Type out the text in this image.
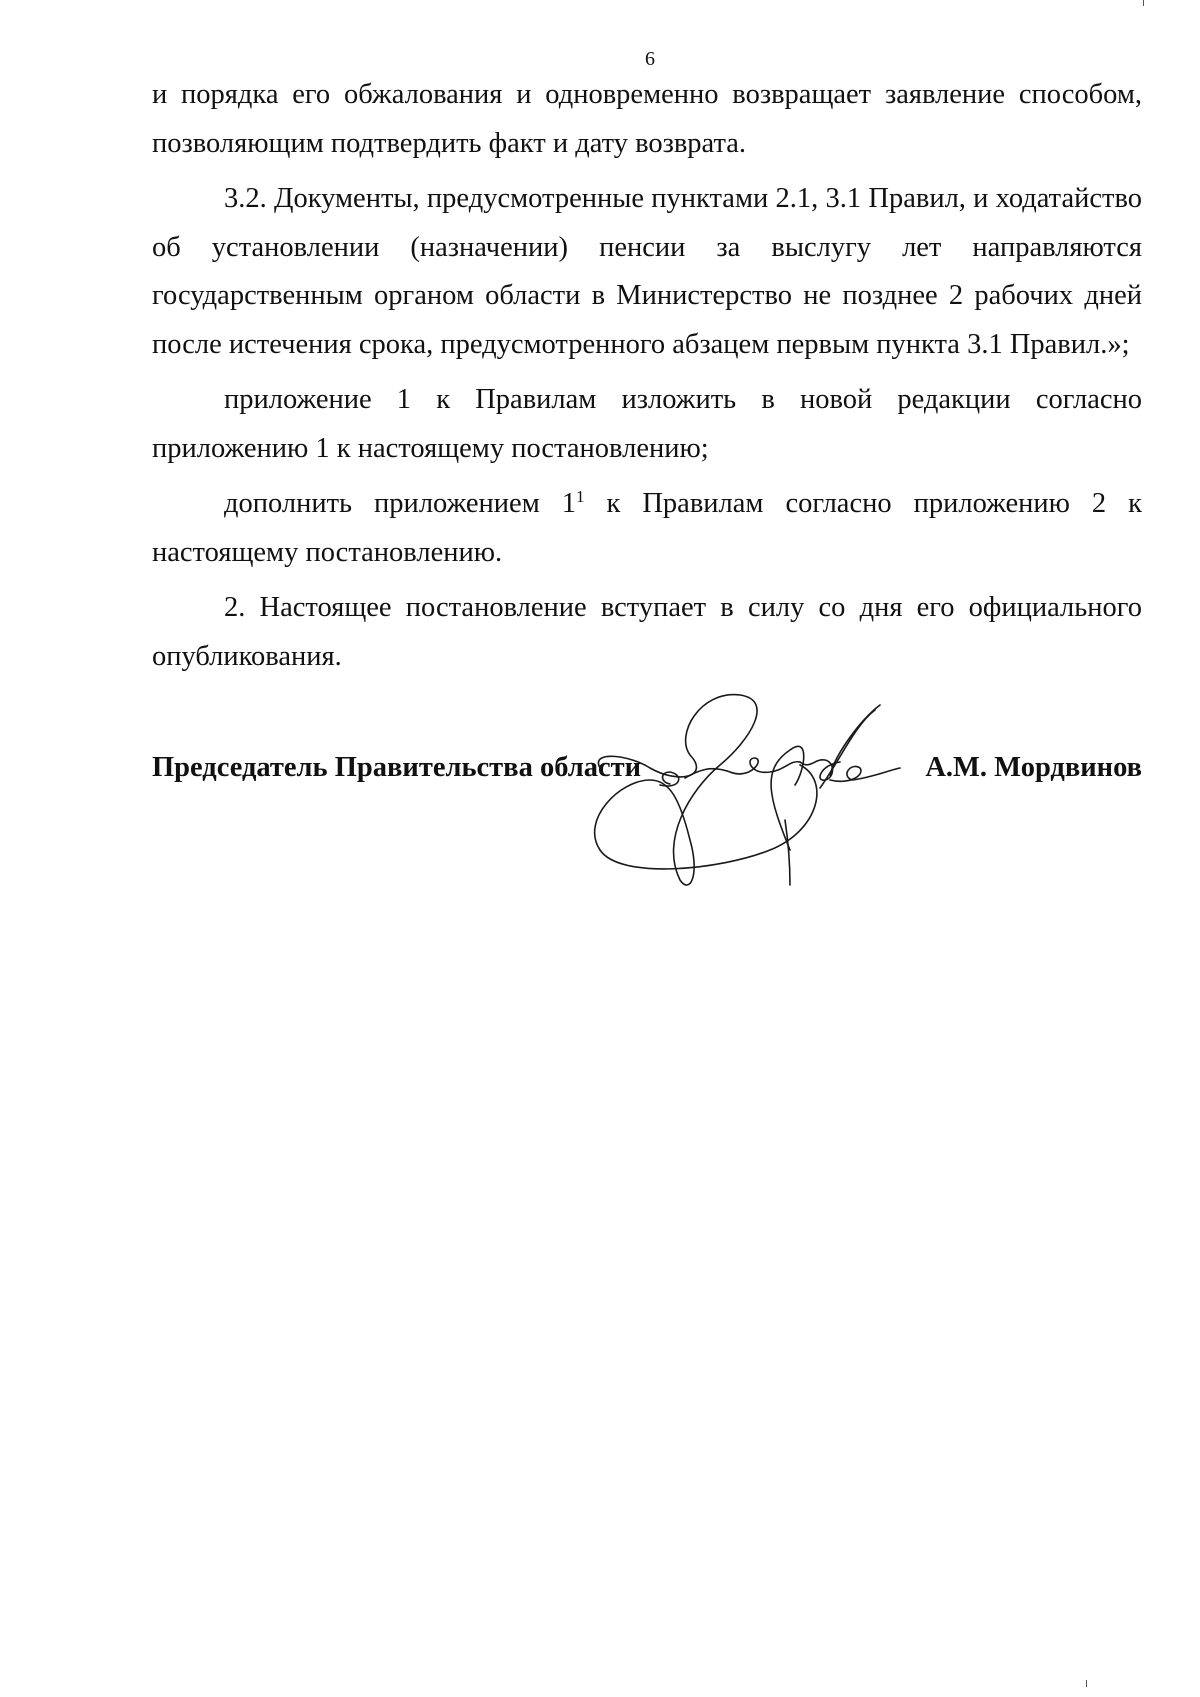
6

и порядка его обжалования и одновременно возвращает заявление способом, позволяющим подтвердить факт и дату возврата.

3.2. Документы, предусмотренные пунктами 2.1, 3.1 Правил, и ходатайство об установлении (назначении) пенсии за выслугу лет направляются государственным органом области в Министерство не позднее 2 рабочих дней после истечения срока, предусмотренного абзацем первым пункта 3.1 Правил.»;

приложение 1 к Правилам изложить в новой редакции согласно приложению 1 к настоящему постановлению;

дополнить приложением $1^1$ к Правилам согласно приложению 2 к настоящему постановлению.

2. Настоящее постановление вступает в силу со дня его официального опубликования.

Председатель Правительства области	А.М. Мордвинов
